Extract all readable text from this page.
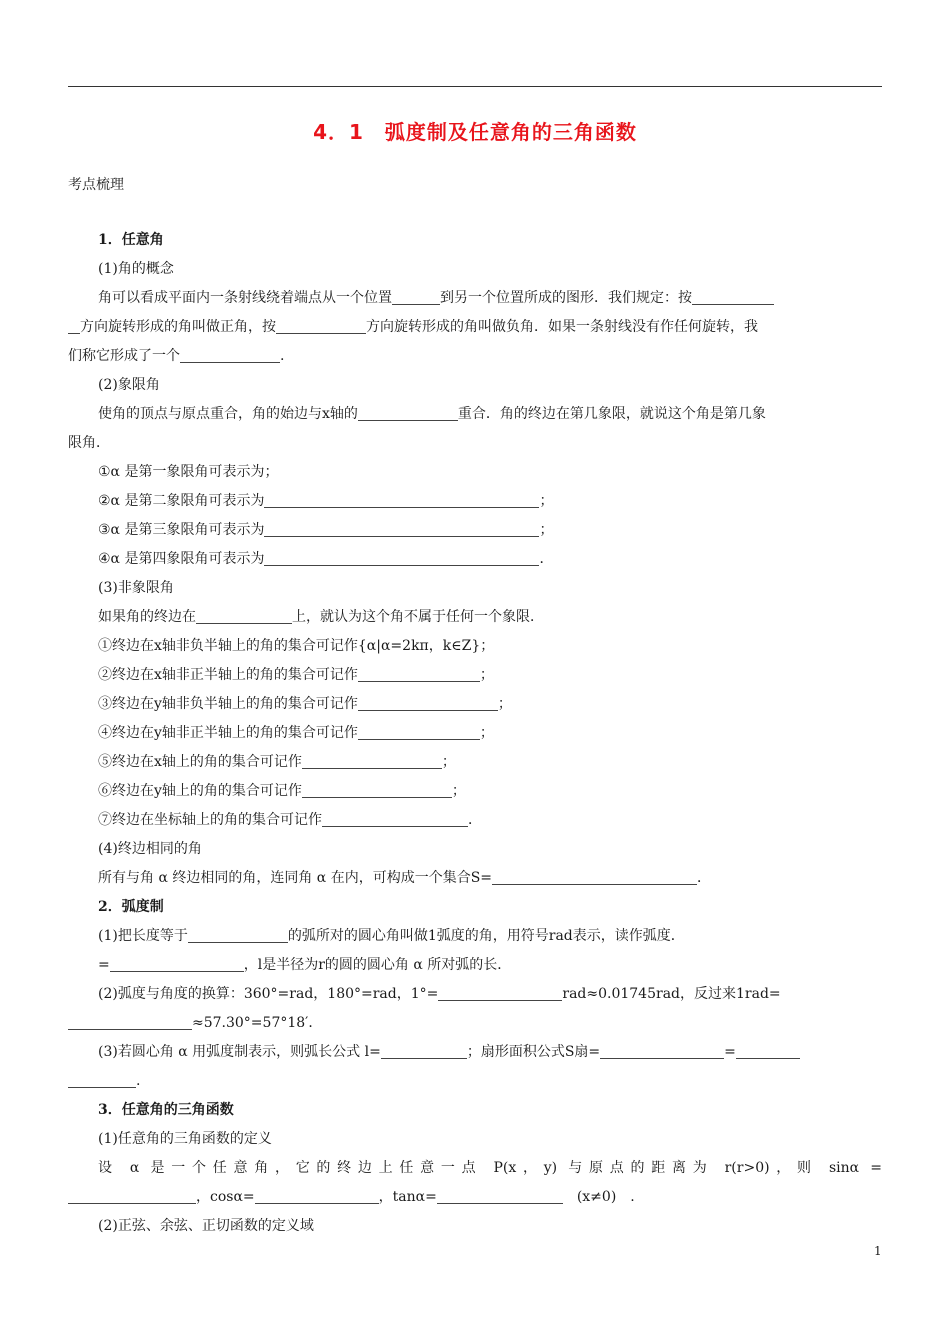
4．1　弧度制及任意角的三角函数
考点梳理
1．任意角
(1)角的概念
角可以看成平面内一条射线绕着端点从一个位置	到另一个位置所成的图形．我们规定：按
方向旋转形成的角叫做正角，按	方向旋转形成的角叫做负角．如果一条射线没有作任何旋转，我
们称它形成了一个	.
(2)象限角
使角的顶点与原点重合，角的始边与x轴的	重合．角的终边在第几象限，就说这个角是第几象
限角．
①α 是第一象限角可表示为；
②α 是第二象限角可表示为	；
③α 是第三象限角可表示为	；
④α 是第四象限角可表示为	．
(3)非象限角
如果角的终边在	上，就认为这个角不属于任何一个象限．
①终边在x轴非负半轴上的角的集合可记作{α|α=2kπ，k∈Z}；
②终边在x轴非正半轴上的角的集合可记作	；
③终边在y轴非负半轴上的角的集合可记作	；
④终边在y轴非正半轴上的角的集合可记作	；
⑤终边在x轴上的角的集合可记作	；
⑥终边在y轴上的角的集合可记作	；
⑦终边在坐标轴上的角的集合可记作	．
(4)终边相同的角
所有与角 α 终边相同的角，连同角 α 在内，可构成一个集合S=	．
2．弧度制
(1)把长度等于	的弧所对的圆心角叫做1弧度的角，用符号rad表示，读作弧度．
=	，l是半径为r的圆的圆心角 α 所对弧的长．
(2)弧度与角度的换算：360°=rad，180°=rad，1°=	rad≈0.01745rad，反过来1rad=
≈57.30°=57°18′．
(3)若圆心角 α 用弧度制表示，则弧长公式 l=	；扇形面积公式S扇=	=
.
3．任意角的三角函数
(1)任意角的三角函数的定义
设 α 是一个任意角，它的终边上任意一点 P(x，y) 与原点的距离为 r(r>0)，则 sinα =
，cosα=	，tanα=	　(x≠0)　.
(2)正弦、余弦、正切函数的定义域
1
